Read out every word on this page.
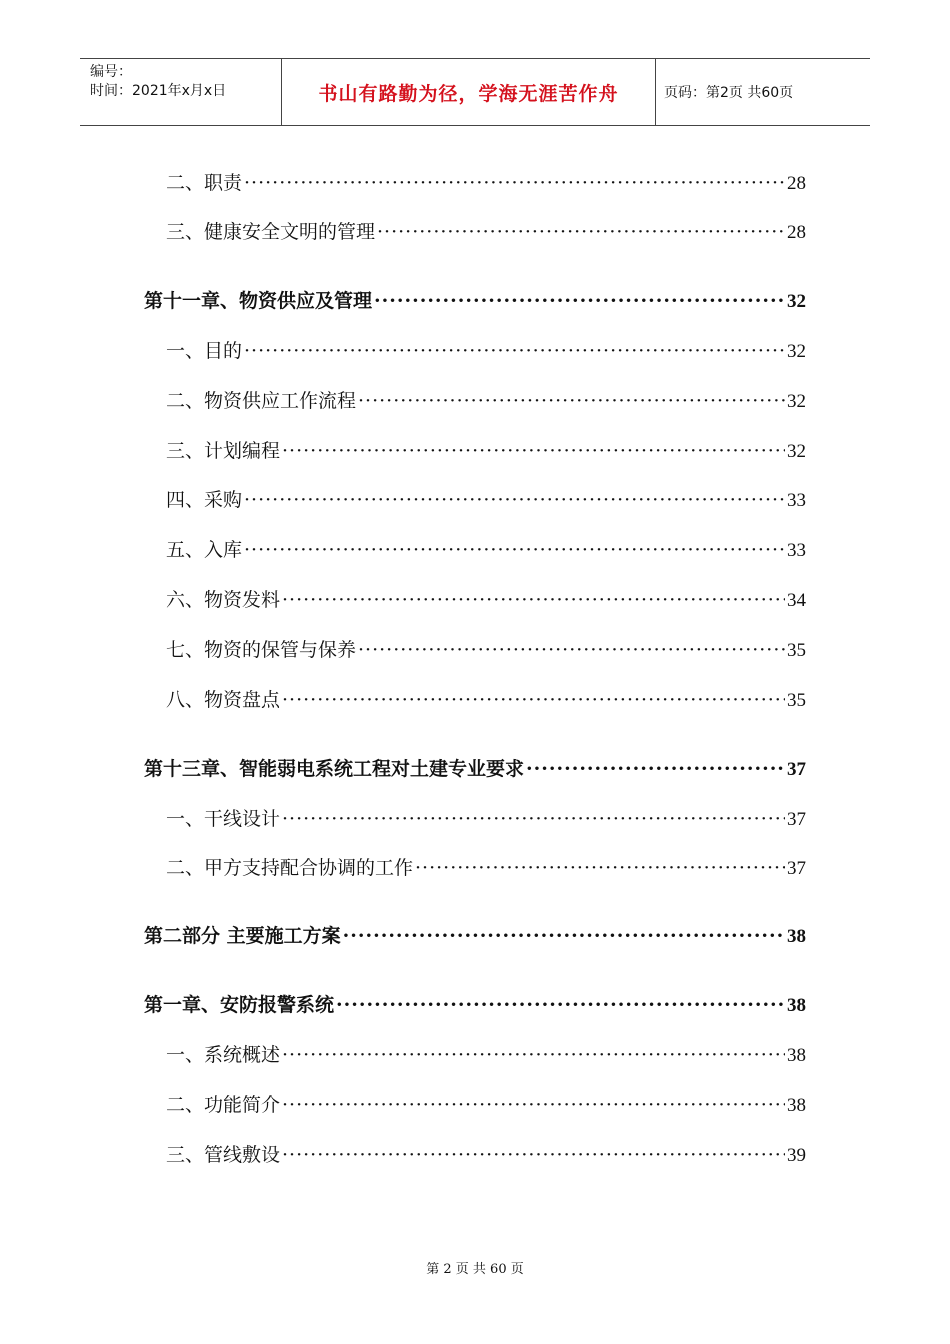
编号：
时间：2021年x月x日	书山有路勤为径，学海无涯苦作舟	页码：第2页 共60页
二、职责 ·····	28
三、健康安全文明的管理 ·····	28
第十一章、物资供应及管理 ·····	32
一、目的 ·····	32
二、物资供应工作流程 ·····	32
三、计划编程 ·····	32
四、采购 ·····	33
五、入库 ·····	33
六、物资发料 ·····	34
七、物资的保管与保养 ·····	35
八、物资盘点 ·····	35
第十三章、智能弱电系统工程对土建专业要求 ·····	37
一、干线设计 ·····	37
二、甲方支持配合协调的工作 ·····	37
第二部分 主要施工方案 ·····	38
第一章、安防报警系统 ·····	38
一、系统概述 ·····	38
二、功能简介 ·····	38
三、管线敷设 ·····	39
第 2 页 共 60 页
